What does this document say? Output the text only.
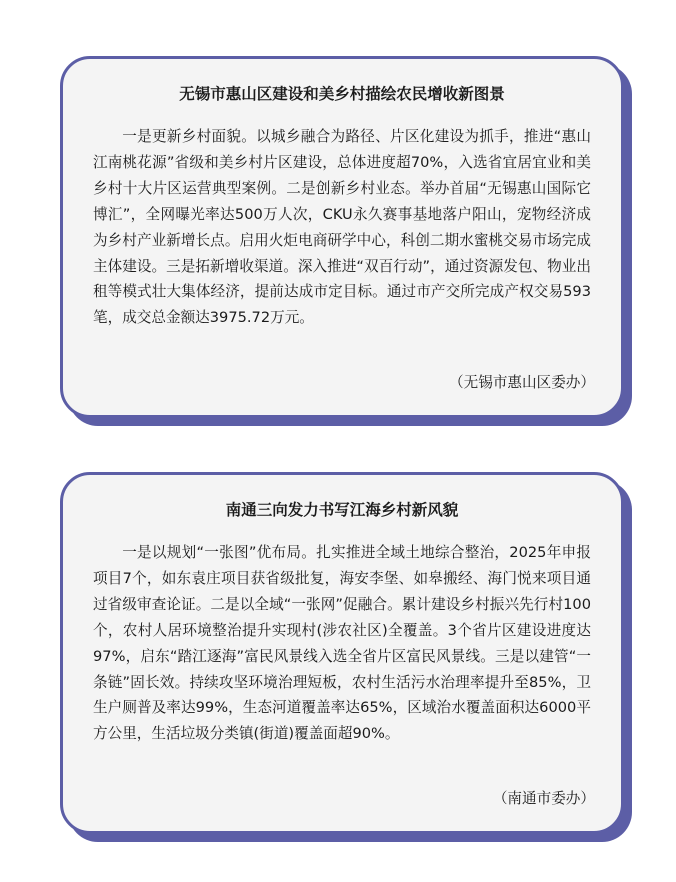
无锡市惠山区建设和美乡村描绘农民增收新图景

一是更新乡村面貌。以城乡融合为路径、片区化建设为抓手，推进“惠山江南桃花源”省级和美乡村片区建设，总体进度超70%，入选省宜居宜业和美乡村十大片区运营典型案例。二是创新乡村业态。举办首届“无锡惠山国际它博汇”，全网曝光率达500万人次，CKU永久赛事基地落户阳山，宠物经济成为乡村产业新增长点。启用火炬电商研学中心，科创二期水蜜桃交易市场完成主体建设。三是拓新增收渠道。深入推进“双百行动”，通过资源发包、物业出租等模式壮大集体经济，提前达成市定目标。通过市产交所完成产权交易593笔，成交总金额达3975.72万元。

（无锡市惠山区委办）
南通三向发力书写江海乡村新风貌

一是以规划“一张图”优布局。扎实推进全域土地综合整治，2025年申报项目7个，如东袁庄项目获省级批复，海安李堡、如皋搬经、海门悦来项目通过省级审查论证。二是以全域“一张网”促融合。累计建设乡村振兴先行村100个，农村人居环境整治提升实现村(涉农社区)全覆盖。3个省片区建设进度达97%，启东“踏江逐海”富民风景线入选全省片区富民风景线。三是以建管“一条链”固长效。持续攻坚环境治理短板，农村生活污水治理率提升至85%，卫生户厕普及率达99%，生态河道覆盖率达65%，区域治水覆盖面积达6000平方公里，生活垃圾分类镇(街道)覆盖面超90%。

（南通市委办）
